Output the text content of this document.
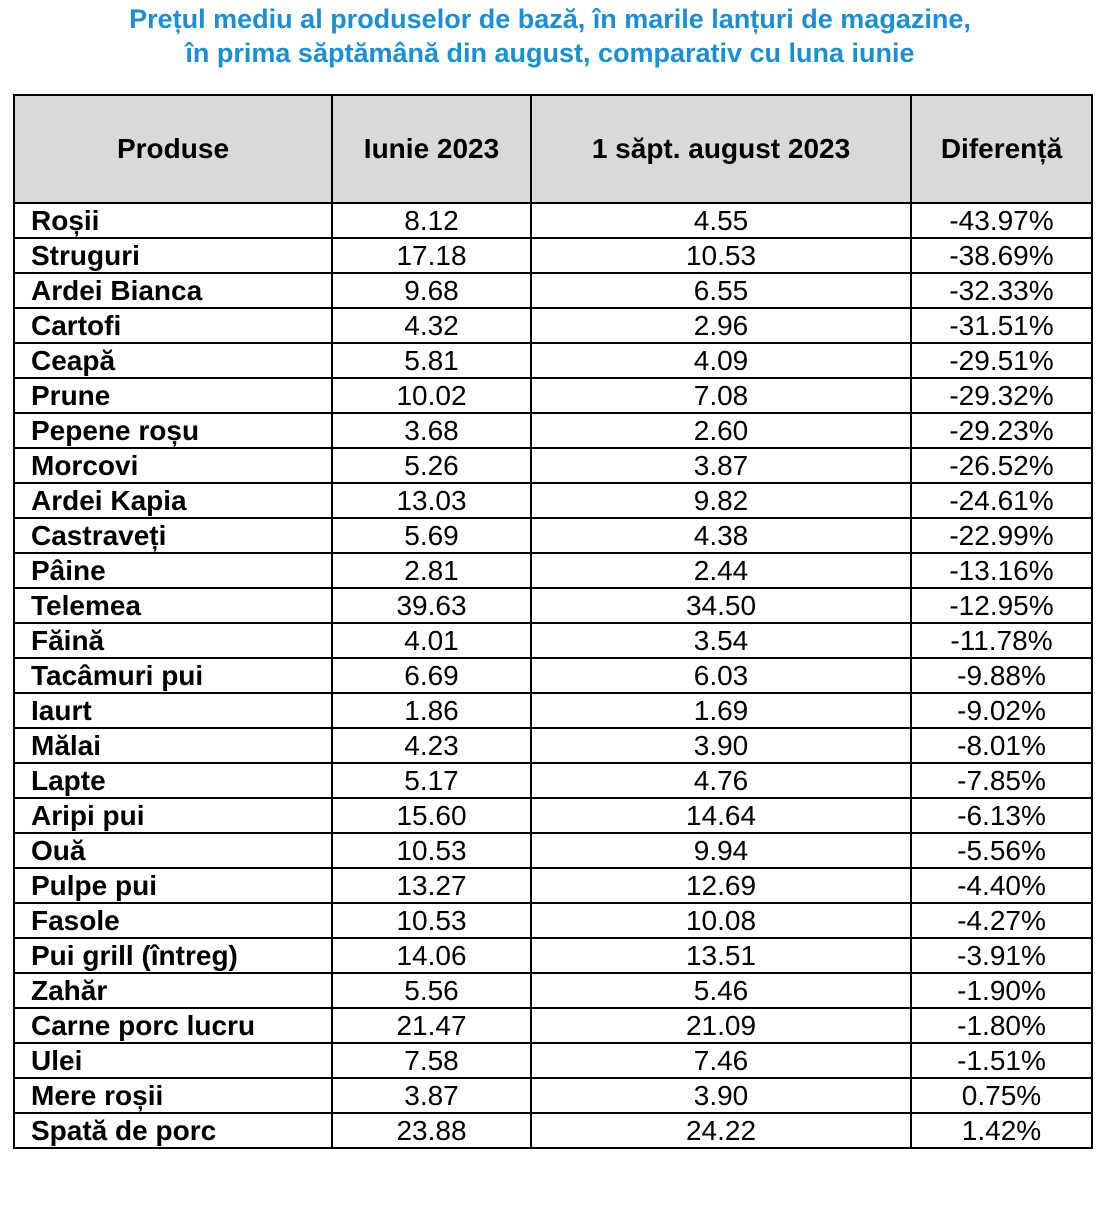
Prețul mediu al produselor de bază, în marile lanțuri de magazine,
în prima săptămână din august, comparativ cu luna iunie
Produse	Iunie 2023	1 săpt. august 2023	Diferență
Roșii	8.12	4.55	-43.97%
Struguri	17.18	10.53	-38.69%
Ardei Bianca	9.68	6.55	-32.33%
Cartofi	4.32	2.96	-31.51%
Ceapă	5.81	4.09	-29.51%
Prune	10.02	7.08	-29.32%
Pepene roșu	3.68	2.60	-29.23%
Morcovi	5.26	3.87	-26.52%
Ardei Kapia	13.03	9.82	-24.61%
Castraveți	5.69	4.38	-22.99%
Pâine	2.81	2.44	-13.16%
Telemea	39.63	34.50	-12.95%
Făină	4.01	3.54	-11.78%
Tacâmuri pui	6.69	6.03	-9.88%
Iaurt	1.86	1.69	-9.02%
Mălai	4.23	3.90	-8.01%
Lapte	5.17	4.76	-7.85%
Aripi pui	15.60	14.64	-6.13%
Ouă	10.53	9.94	-5.56%
Pulpe pui	13.27	12.69	-4.40%
Fasole	10.53	10.08	-4.27%
Pui grill (întreg)	14.06	13.51	-3.91%
Zahăr	5.56	5.46	-1.90%
Carne porc lucru	21.47	21.09	-1.80%
Ulei	7.58	7.46	-1.51%
Mere roșii	3.87	3.90	0.75%
Spată de porc	23.88	24.22	1.42%
